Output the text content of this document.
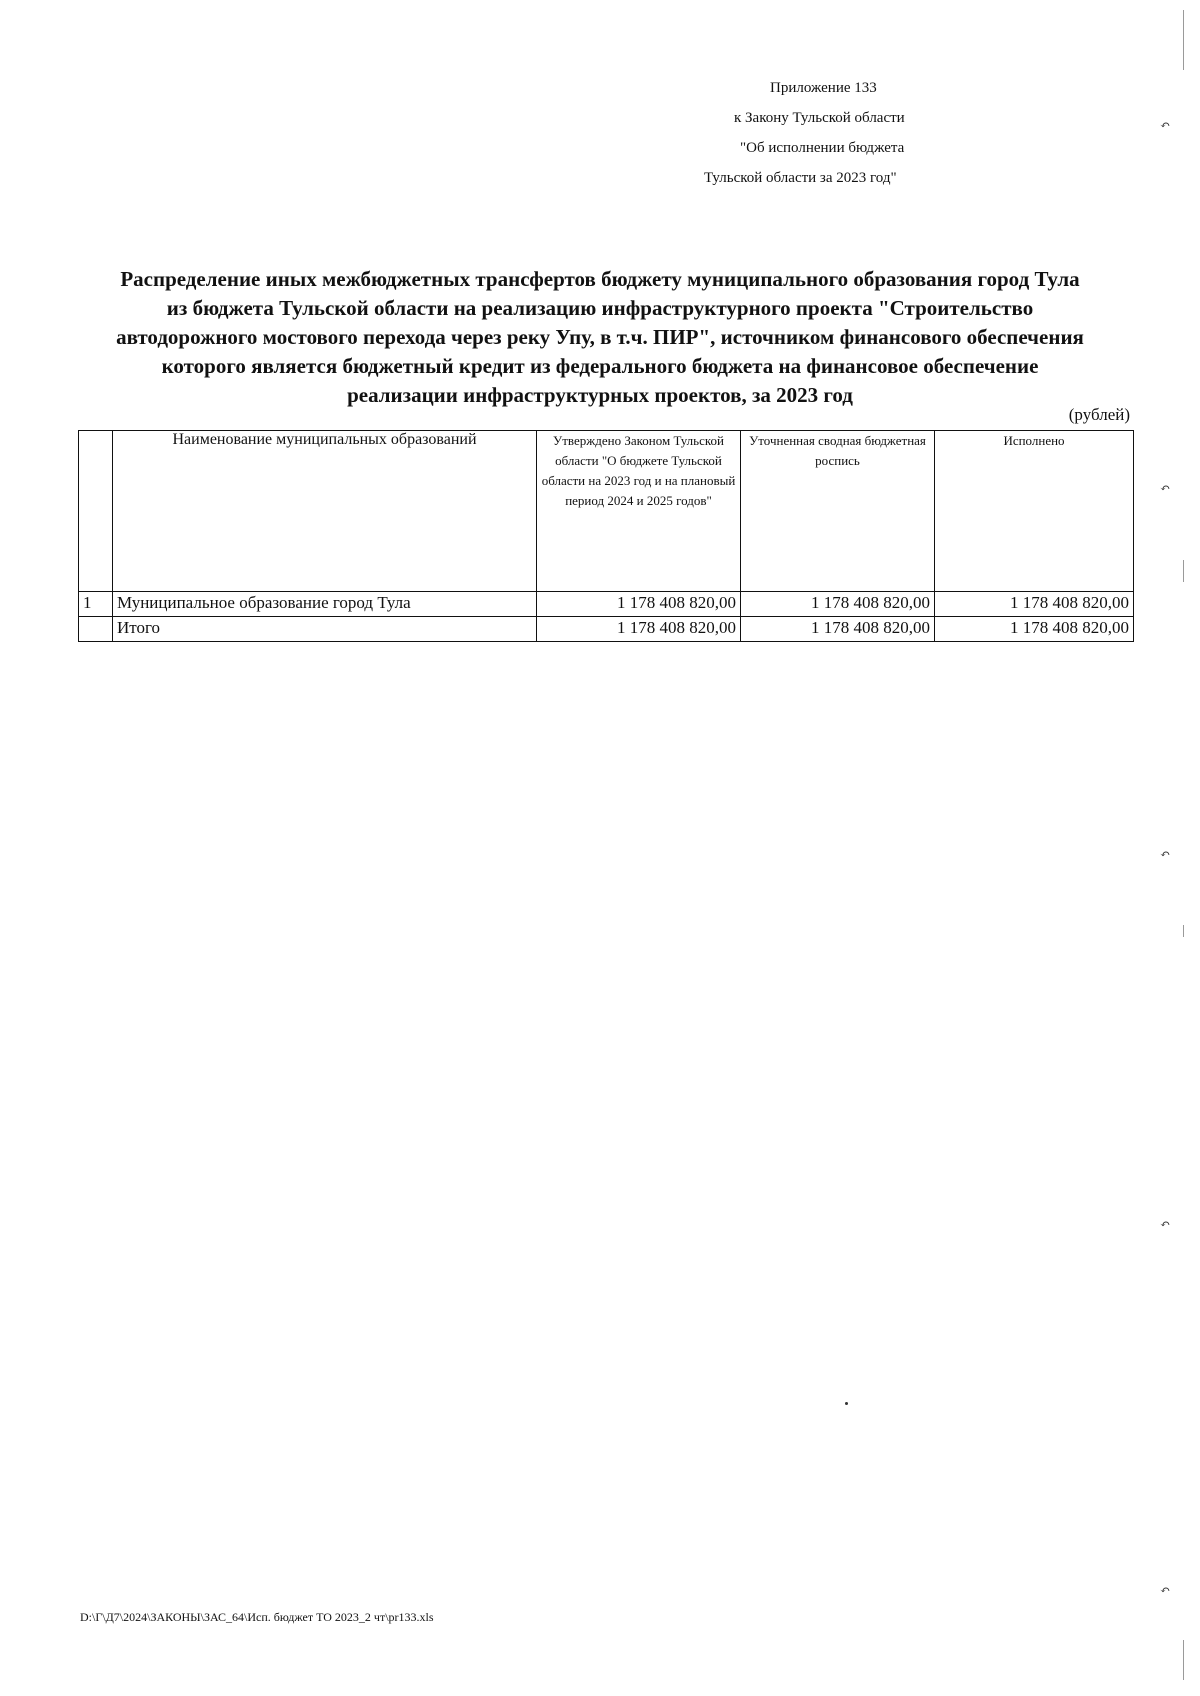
Приложение 133
к Закону Тульской области
"Об исполнении бюджета
Тульской области за 2023 год"
Распределение иных межбюджетных трансфертов бюджету муниципального образования город Тула
из бюджета Тульской области на реализацию инфраструктурного проекта "Строительство
автодорожного мостового перехода через реку Упу, в т.ч. ПИР", источником финансового обеспечения
которого является бюджетный кредит из федерального бюджета на финансовое обеспечение
реализации инфраструктурных проектов, за 2023 год
(рублей)
	Наименование муниципальных образований	Утверждено Законом Тульской области "О бюджете Тульской области на 2023 год и на плановый период 2024 и 2025 годов"	Уточненная сводная бюджетная роспись	Исполнено
1	Муниципальное образование город Тула	1 178 408 820,00	1 178 408 820,00	1 178 408 820,00
	Итого	1 178 408 820,00	1 178 408 820,00	1 178 408 820,00
D:\Г\Д7\2024\ЗАКОНЫ\ЗАС_64\Исп. бюджет ТО 2023_2 чт\pr133.xls
↶
↶
↶
↶
↶
